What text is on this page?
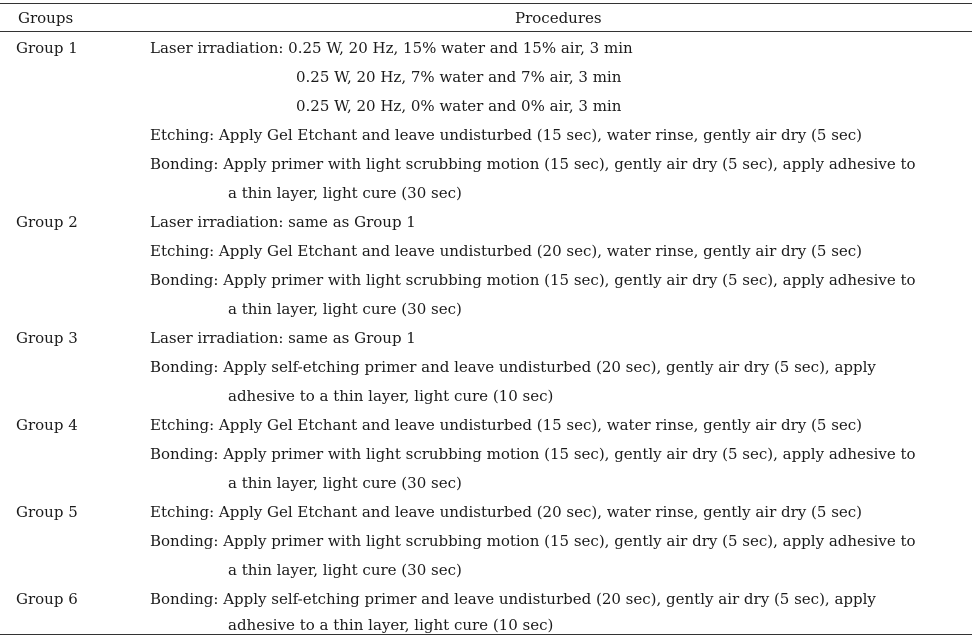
Groups	Procedures
Group 1	Laser irradiation: 0.25 W, 20 Hz, 15% water and 15% air, 3 min
0.25 W, 20 Hz, 7% water and 7% air, 3 min
0.25 W, 20 Hz, 0% water and 0% air, 3 min
Etching: Apply Gel Etchant and leave undisturbed (15 sec), water rinse, gently air dry (5 sec)
Bonding: Apply primer with light scrubbing motion (15 sec), gently air dry (5 sec), apply adhesive to
a thin layer, light cure (30 sec)
Group 2	Laser irradiation: same as Group 1
Etching: Apply Gel Etchant and leave undisturbed (20 sec), water rinse, gently air dry (5 sec)
Bonding: Apply primer with light scrubbing motion (15 sec), gently air dry (5 sec), apply adhesive to
a thin layer, light cure (30 sec)
Group 3	Laser irradiation: same as Group 1
Bonding: Apply self-etching primer and leave undisturbed (20 sec), gently air dry (5 sec), apply
adhesive to a thin layer, light cure (10 sec)
Group 4	Etching: Apply Gel Etchant and leave undisturbed (15 sec), water rinse, gently air dry (5 sec)
Bonding: Apply primer with light scrubbing motion (15 sec), gently air dry (5 sec), apply adhesive to
a thin layer, light cure (30 sec)
Group 5	Etching: Apply Gel Etchant and leave undisturbed (20 sec), water rinse, gently air dry (5 sec)
Bonding: Apply primer with light scrubbing motion (15 sec), gently air dry (5 sec), apply adhesive to
a thin layer, light cure (30 sec)
Group 6	Bonding: Apply self-etching primer and leave undisturbed (20 sec), gently air dry (5 sec), apply
adhesive to a thin layer, light cure (10 sec)
